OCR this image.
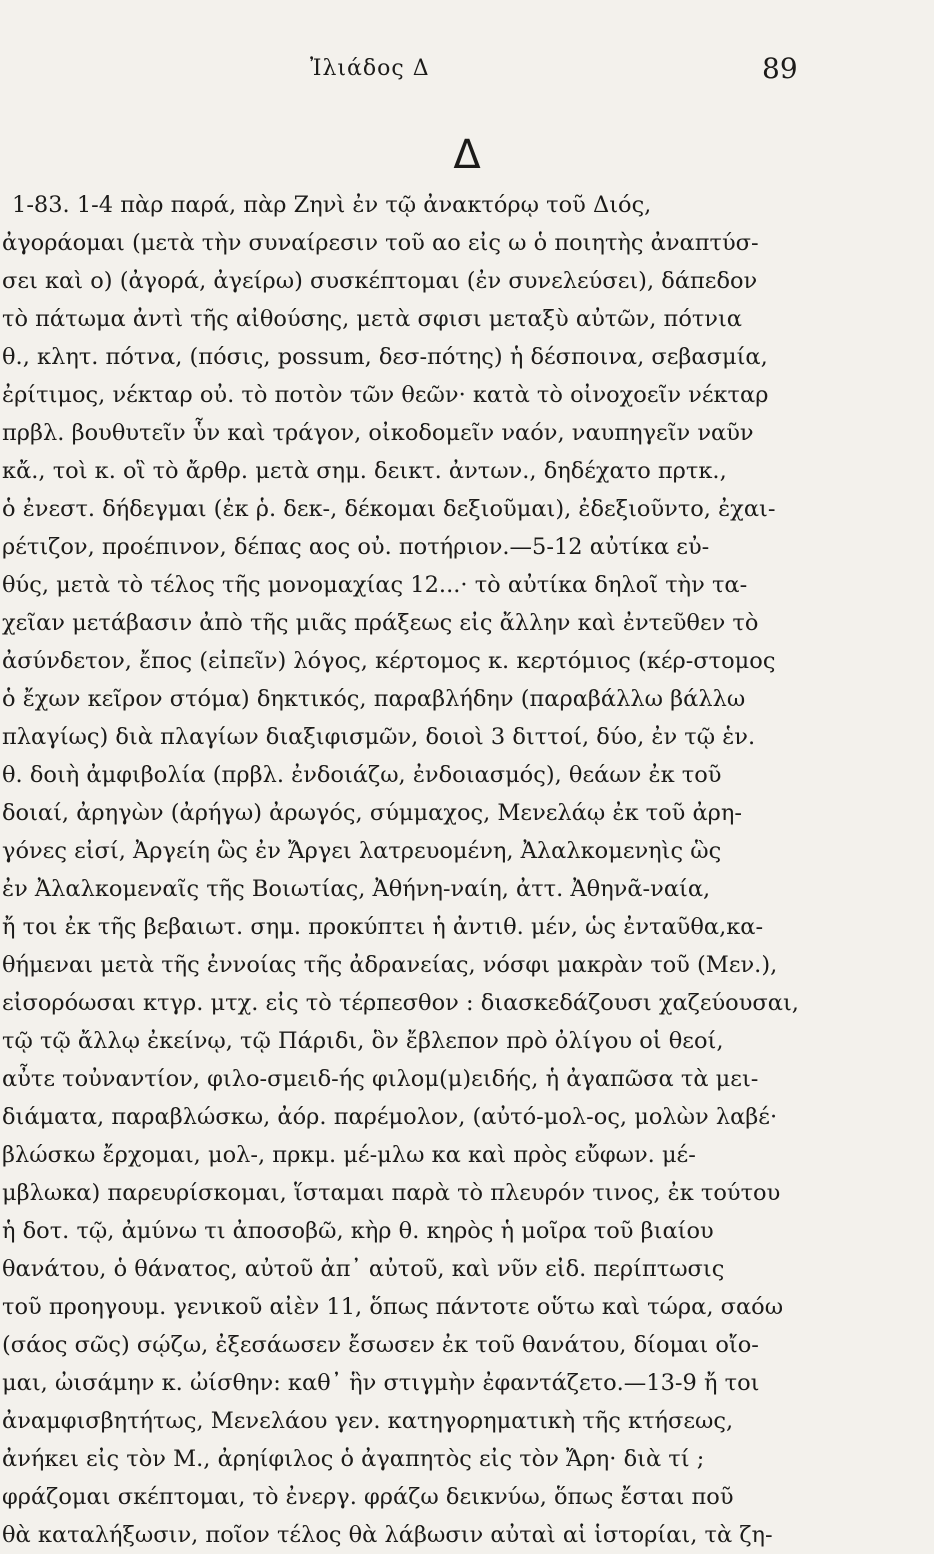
Ἰλιάδος Δ	89
Δ
1-83. 1-4 πὰρ παρά, πὰρ Ζηνὶ ἐν τῷ ἀνακτόρῳ τοῦ Διός,
ἀγοράομαι (μετὰ τὴν συναίρεσιν τοῦ αο εἰς ω ὁ ποιητὴς ἀναπτύσ-
σει καὶ ο) (ἀγορά, ἀγείρω) συσκέπτομαι (ἐν συνελεύσει), δάπεδον
τὸ πάτωμα ἀντὶ τῆς αἰθούσης, μετὰ σφισι μεταξὺ αὐτῶν, πότνια
θ., κλητ. πότνα, (πόσις, possum, δεσ-πότης) ἡ δέσποινα, σεβασμία,
ἐρίτιμος, νέκταρ οὐ. τὸ ποτὸν τῶν θεῶν· κατὰ τὸ οἰνοχοεῖν νέκταρ
πρβλ. βουθυτεῖν ὗν καὶ τράγον, οἰκοδομεῖν ναόν, ναυπηγεῖν ναῦν
κἄ., τοὶ κ. οἳ τὸ ἄρθρ. μετὰ σημ. δεικτ. ἀντων., δηδέχατο πρτκ.,
ὁ ἐνεστ. δήδεγμαι (ἐκ ῥ. δεκ-, δέκομαι δεξιοῦμαι), ἐδεξιοῦντο, ἐχαι-
ρέτιζον, προέπινον, δέπας αος οὐ. ποτήριον.—5-12 αὐτίκα εὐ-
θύς, μετὰ τὸ τέλος τῆς μονομαχίας 12...· τὸ αὐτίκα δηλοῖ τὴν τα-
χεῖαν μετάβασιν ἀπὸ τῆς μιᾶς πράξεως εἰς ἄλλην καὶ ἐντεῦθεν τὸ
ἀσύνδετον, ἔπος (εἰπεῖν) λόγος, κέρτομος κ. κερτόμιος (κέρ-στομος
ὁ ἔχων κεῖρον στόμα) δηκτικός, παραβλήδην (παραβάλλω βάλλω
πλαγίως) διὰ πλαγίων διαξιφισμῶν, δοιοὶ 3 διττοί, δύο, ἐν τῷ ἑν.
θ. δοιὴ ἀμφιβολία (πρβλ. ἐνδοιάζω, ἐνδοιασμός), θεάων ἐκ τοῦ
δοιαί, ἀρηγὼν (ἀρήγω) ἀρωγός, σύμμαχος, Μενελάῳ ἐκ τοῦ ἀρη-
γόνες εἰσί, Ἀργείη ὣς ἐν Ἄργει λατρευομένη, Ἀλαλκομενηὶς ὣς
ἐν Ἀλαλκομεναῖς τῆς Βοιωτίας, Ἀθήνη-ναίη, ἀττ. Ἀθηνᾶ-ναία,
ἤ τοι ἐκ τῆς βεβαιωτ. σημ. προκύπτει ἡ ἀντιθ. μέν, ὡς ἐνταῦθα,κα-
θήμεναι μετὰ τῆς ἐννοίας τῆς ἀδρανείας, νόσφι μακρὰν τοῦ (Μεν.),
εἰσορόωσαι κτγρ. μτχ. εἰς τὸ τέρπεσθον : διασκεδάζουσι χαζεύουσαι,
τῷ τῷ ἄλλῳ ἐκείνῳ, τῷ Πάριδι, ὃν ἔβλεπον πρὸ ὀλίγου οἱ θεοί,
αὖτε τοὐναντίον, φιλο-σμειδ-ής φιλομ(μ)ειδής, ἡ ἀγαπῶσα τὰ μει-
διάματα, παραβλώσκω, ἀόρ. παρέμολον, (αὐτό-μολ-ος, μολὼν λαβέ·
βλώσκω ἔρχομαι, μολ-, πρκμ. μέ-μλω κα καὶ πρὸς εὔφων. μέ-
μβλωκα) παρευρίσκομαι, ἵσταμαι παρὰ τὸ πλευρόν τινος, ἐκ τούτου
ἡ δοτ. τῷ, ἀμύνω τι ἀποσοβῶ, κὴρ θ. κηρὸς ἡ μοῖρα τοῦ βιαίου
θανάτου, ὁ θάνατος, αὐτοῦ ἀπ᾽ αὐτοῦ, καὶ νῦν εἰδ. περίπτωσις
τοῦ προηγουμ. γενικοῦ αἰὲν 11, ὅπως πάντοτε οὕτω καὶ τώρα, σαόω
(σάος σῶς) σῴζω, ἐξεσάωσεν ἔσωσεν ἐκ τοῦ θανάτου, δίομαι οἴο-
μαι, ὠισάμην κ. ὠίσθην: καθ᾽ ἣν στιγμὴν ἐφαντάζετο.—13-9 ἤ τοι
ἀναμφισβητήτως, Μενελάου γεν. κατηγορηματικὴ τῆς κτήσεως,
ἀνήκει εἰς τὸν Μ., ἀρηίφιλος ὁ ἀγαπητὸς εἰς τὸν Ἄρη· διὰ τί ;
φράζομαι σκέπτομαι, τὸ ἐνεργ. φράζω δεικνύω, ὅπως ἔσται ποῦ
θὰ καταλήξωσιν, ποῖον τέλος θὰ λάβωσιν αὐταὶ αἱ ἱστορίαι, τὰ ζη-
